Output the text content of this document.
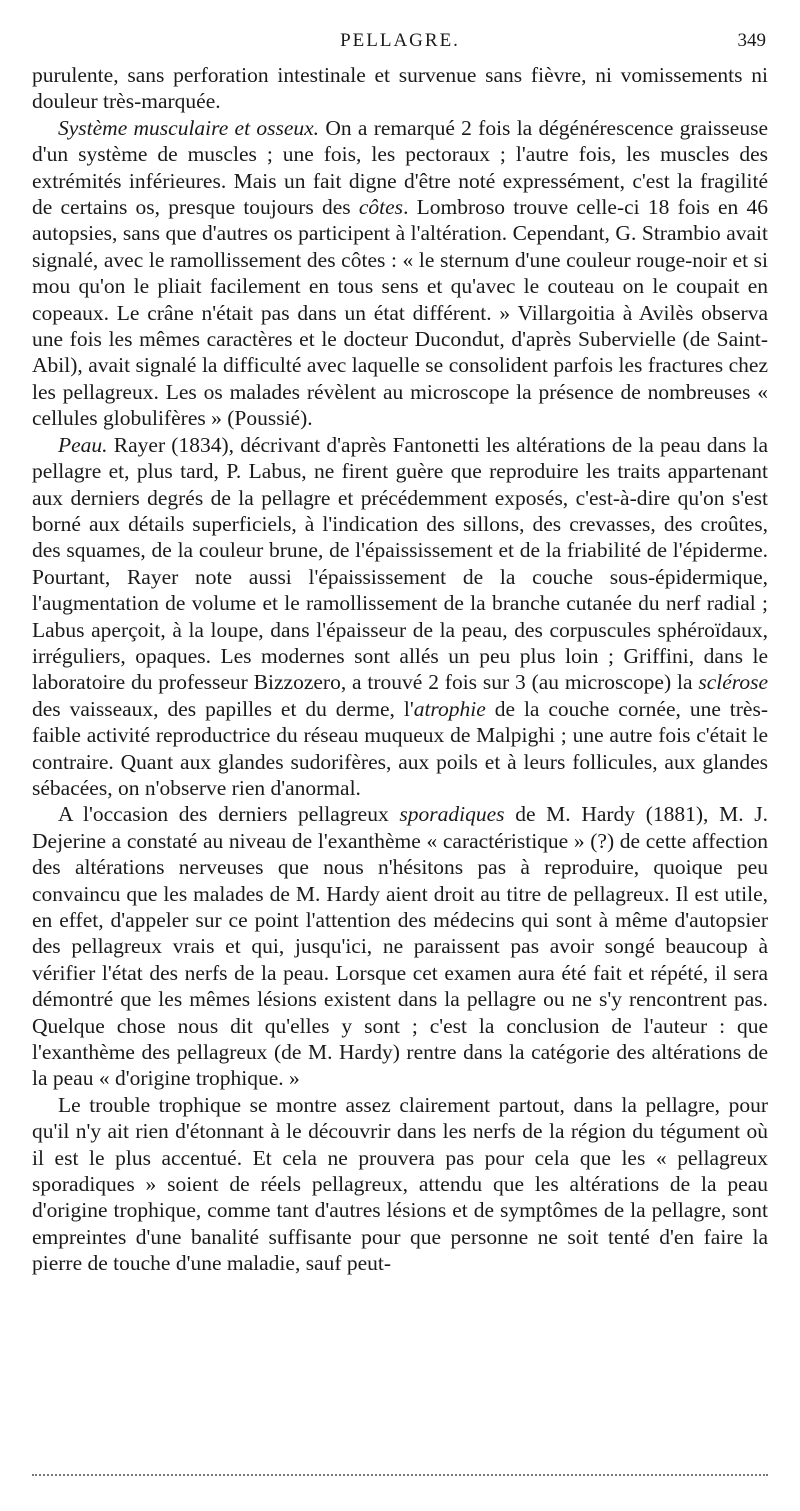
PELLAGRE.	349

purulente, sans perforation intestinale et survenue sans fièvre, ni vomissements ni douleur très-marquée.

Système musculaire et osseux. On a remarqué 2 fois la dégénérescence graisseuse d'un système de muscles ; une fois, les pectoraux ; l'autre fois, les muscles des extrémités inférieures. Mais un fait digne d'être noté expressément, c'est la fragilité de certains os, presque toujours des côtes. Lombroso trouve celle-ci 18 fois en 46 autopsies, sans que d'autres os participent à l'altération. Cependant, G. Strambio avait signalé, avec le ramollissement des côtes : « le sternum d'une couleur rouge-noir et si mou qu'on le pliait facilement en tous sens et qu'avec le couteau on le coupait en copeaux. Le crâne n'était pas dans un état différent. » Villargoitia à Avilès observa une fois les mêmes caractères et le docteur Ducondut, d'après Subervielle (de Saint-Abil), avait signalé la difficulté avec laquelle se consolident parfois les fractures chez les pellagreux. Les os malades révèlent au microscope la présence de nombreuses « cellules globulifères » (Poussié).

Peau. Rayer (1834), décrivant d'après Fantonetti les altérations de la peau dans la pellagre et, plus tard, P. Labus, ne firent guère que reproduire les traits appartenant aux derniers degrés de la pellagre et précédemment exposés, c'est-à-dire qu'on s'est borné aux détails superficiels, à l'indication des sillons, des crevasses, des croûtes, des squames, de la couleur brune, de l'épaississement et de la friabilité de l'épiderme. Pourtant, Rayer note aussi l'épaississement de la couche sous-épidermique, l'augmentation de volume et le ramollissement de la branche cutanée du nerf radial ; Labus aperçoit, à la loupe, dans l'épaisseur de la peau, des corpuscules sphéroïdaux, irréguliers, opaques. Les modernes sont allés un peu plus loin ; Griffini, dans le laboratoire du professeur Bizzozero, a trouvé 2 fois sur 3 (au microscope) la sclérose des vaisseaux, des papilles et du derme, l'atrophie de la couche cornée, une très-faible activité reproductrice du réseau muqueux de Malpighi ; une autre fois c'était le contraire. Quant aux glandes sudorifères, aux poils et à leurs follicules, aux glandes sébacées, on n'observe rien d'anormal.

A l'occasion des derniers pellagreux sporadiques de M. Hardy (1881), M. J. Dejerine a constaté au niveau de l'exanthème « caractéristique » (?) de cette affection des altérations nerveuses que nous n'hésitons pas à reproduire, quoique peu convaincu que les malades de M. Hardy aient droit au titre de pellagreux. Il est utile, en effet, d'appeler sur ce point l'attention des médecins qui sont à même d'autopsier des pellagreux vrais et qui, jusqu'ici, ne paraissent pas avoir songé beaucoup à vérifier l'état des nerfs de la peau. Lorsque cet examen aura été fait et répété, il sera démontré que les mêmes lésions existent dans la pellagre ou ne s'y rencontrent pas. Quelque chose nous dit qu'elles y sont ; c'est la conclusion de l'auteur : que l'exanthème des pellagreux (de M. Hardy) rentre dans la catégorie des altérations de la peau « d'origine trophique. »

Le trouble trophique se montre assez clairement partout, dans la pellagre, pour qu'il n'y ait rien d'étonnant à le découvrir dans les nerfs de la région du tégument où il est le plus accentué. Et cela ne prouvera pas pour cela que les « pellagreux sporadiques » soient de réels pellagreux, attendu que les altérations de la peau d'origine trophique, comme tant d'autres lésions et de symptômes de la pellagre, sont empreintes d'une banalité suffisante pour que personne ne soit tenté d'en faire la pierre de touche d'une maladie, sauf peut-
